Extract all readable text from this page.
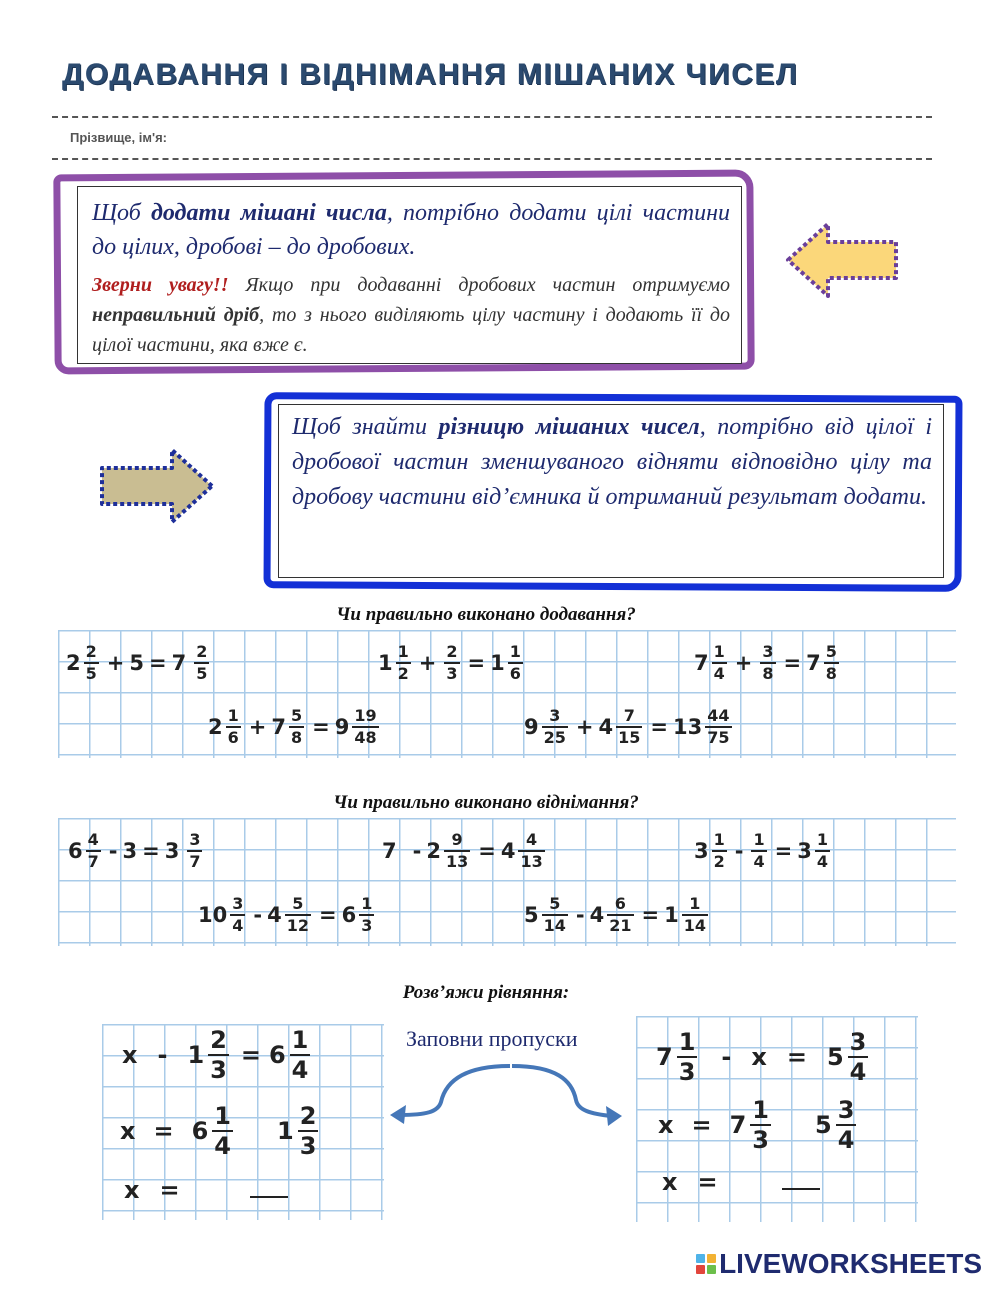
ДОДАВАННЯ І ВІДНІМАННЯ МІШАНИХ ЧИСЕЛ
Прізвище, ім'я:
Щоб додати мішані числа, потрібно додати цілі частини до цілих, дробові – до дробових.
Зверни увагу!! Якщо при додаванні дробових частин отримуємо неправильний дріб, то з нього виділяють цілу частину і додають її до цілої частини, яка вже є.
Щоб знайти різницю мішаних чисел, потрібно від цілої і дробової частин зменшуваного відняти відповідно цілу та дробову частини від’ємника й отриманий результат додати.
Чи правильно виконано додавання?
$2 \frac{2}{5} + 5 = 7 \frac{2}{5}$	$1 \frac{1}{2} + \frac{2}{3} = 1 \frac{1}{6}$	$7 \frac{1}{4} + \frac{3}{8} = 7 \frac{5}{8}$
$2 \frac{1}{6} + 7 \frac{5}{8} = 9 \frac{19}{48}$	$9 \frac{3}{25} + 4 \frac{7}{15} = 13 \frac{44}{75}$
Чи правильно виконано віднімання?
$6 \frac{4}{7} - 3 = 3 \frac{3}{7}$	$7 - 2 \frac{9}{13} = 4 \frac{4}{13}$	$3 \frac{1}{2} - \frac{1}{4} = 3 \frac{1}{4}$
$10 \frac{3}{4} - 4 \frac{5}{12} = 6 \frac{1}{3}$	$5 \frac{5}{14} - 4 \frac{6}{21} = 1 \frac{1}{14}$
Розв’яжи рівняння:
Заповни пропуски
$x - 1 \frac{2}{3} = 6 \frac{1}{4}$
$x = 6 \frac{1}{4} 1 \frac{2}{3}$
x =
$7 \frac{1}{3} - x = 5 \frac{3}{4}$
$x = 7 \frac{1}{3} 5 \frac{3}{4}$
x =
LIVEWORKSHEETS
